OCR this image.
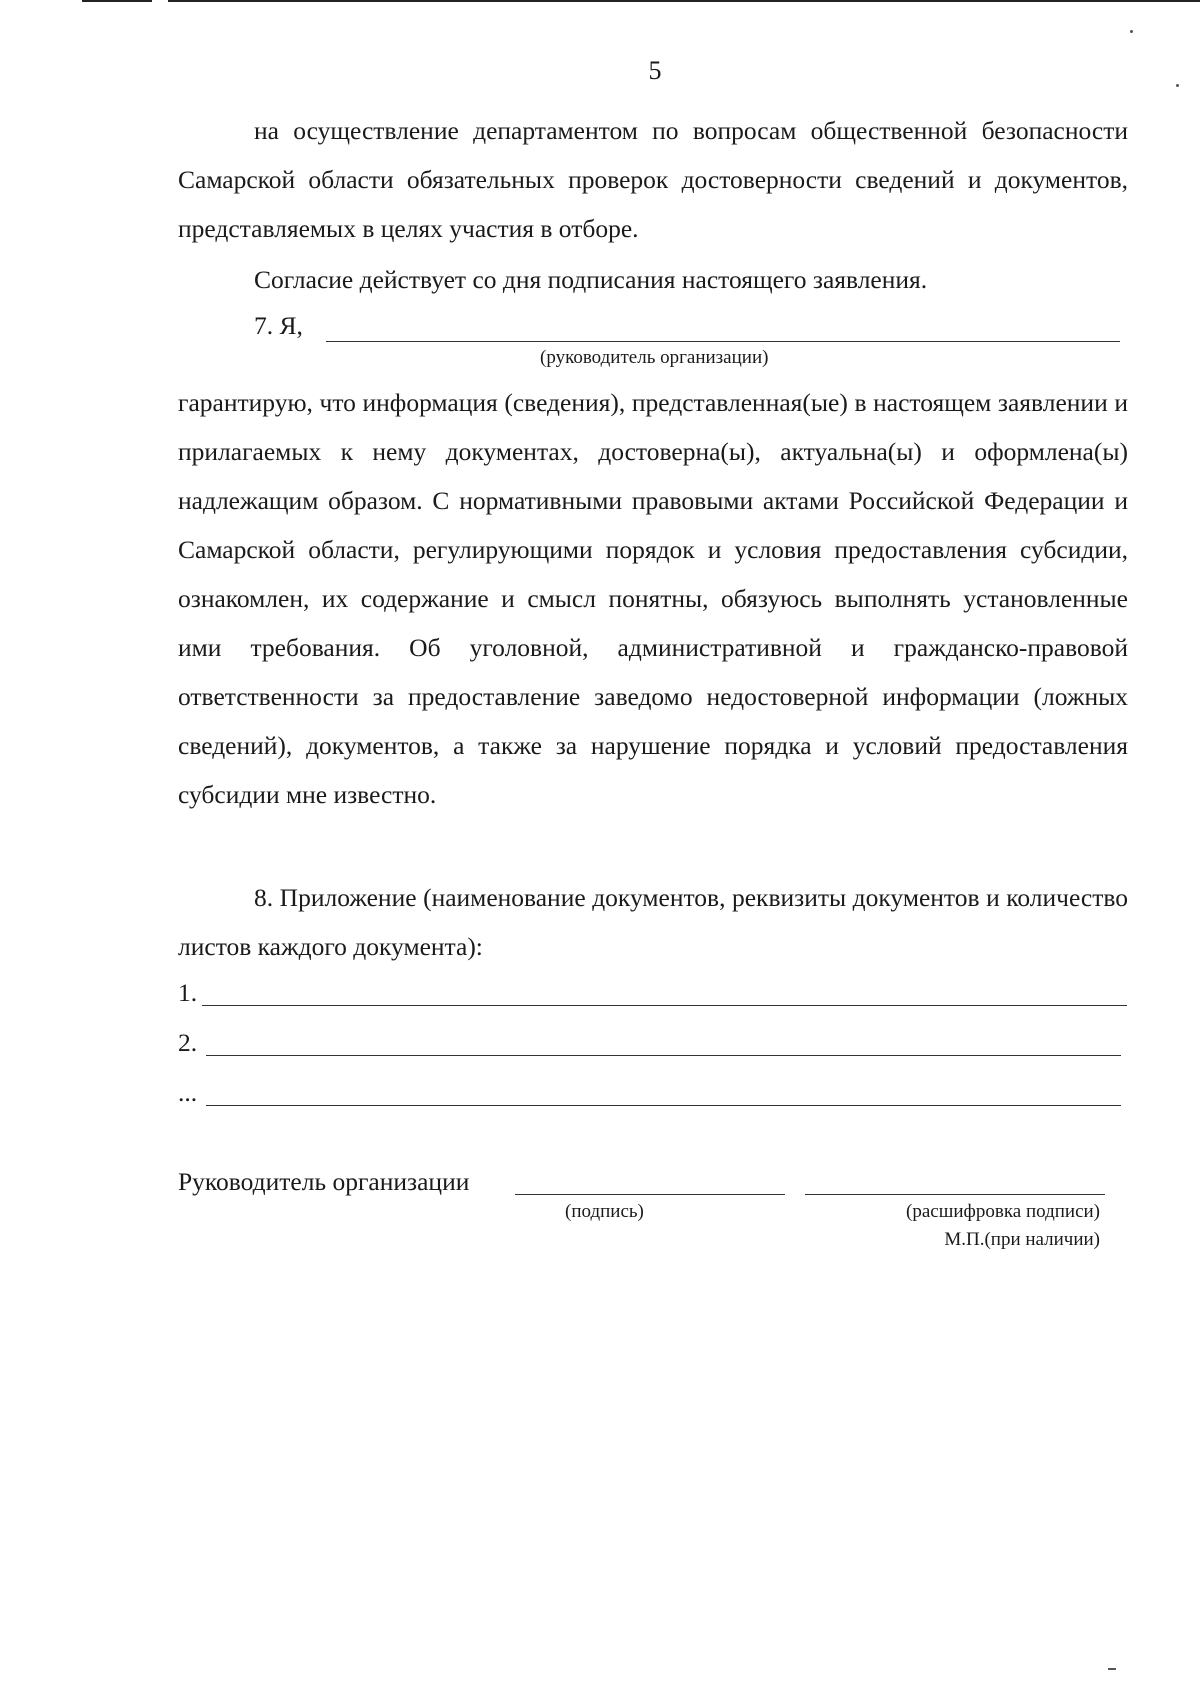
5

на осуществление департаментом по вопросам общественной безопасности Самарской области обязательных проверок достоверности сведений и документов, представляемых в целях участия в отборе.

Согласие действует со дня подписания настоящего заявления.

7. Я,
(руководитель организации)

гарантирую, что информация (сведения), представленная(ые) в настоящем заявлении и прилагаемых к нему документах, достоверна(ы), актуальна(ы) и оформлена(ы) надлежащим образом. С нормативными правовыми актами Российской Федерации и Самарской области, регулирующими порядок и условия предоставления субсидии, ознакомлен, их содержание и смысл понятны, обязуюсь выполнять установленные ими требования. Об уголовной, административной и гражданско-правовой ответственности за предоставление заведомо недостоверной информации (ложных сведений), документов, а также за нарушение порядка и условий предоставления субсидии мне известно.

8. Приложение (наименование документов, реквизиты документов и количество листов каждого документа):

1.
2.
...
Руководитель организации
(подпись)	(расшифровка подписи)
М.П.(при наличии)
